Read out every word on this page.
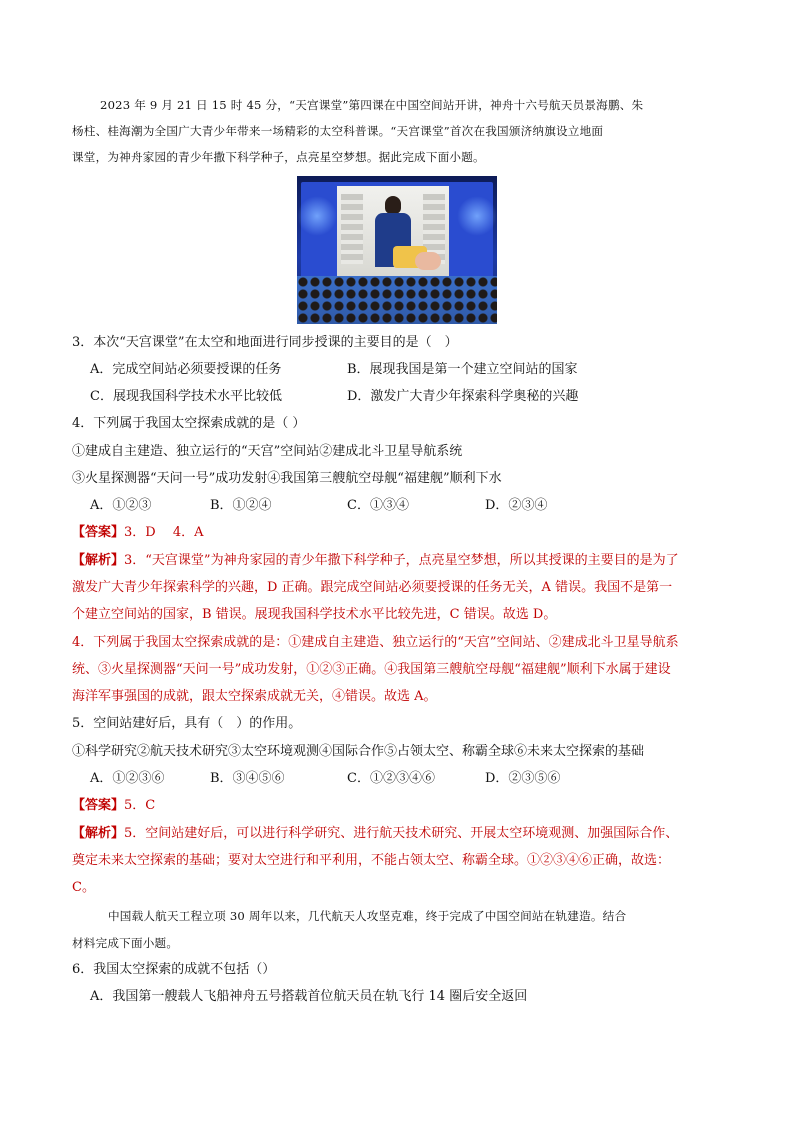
2023 年 9 月 21 日 15 时 45 分，“天宫课堂”第四课在中国空间站开讲，神舟十六号航天员景海鹏、朱
杨柱、桂海潮为全国广大青少年带来一场精彩的太空科普课。“天宫课堂”首次在我国颁济纳旗设立地面
课堂，为神舟家园的青少年撒下科学种子，点亮星空梦想。据此完成下面小题。
3．本次“天宫课堂”在太空和地面进行同步授课的主要目的是（　）
A．完成空间站必须要授课的任务	B．展现我国是第一个建立空间站的国家
C．展现我国科学技术水平比较低	D．激发广大青少年探索科学奥秘的兴趣
4．下列属于我国太空探索成就的是（ ）
①建成自主建造、独立运行的“天宫”空间站②建成北斗卫星导航系统
③火星探测器“天问一号”成功发射④我国第三艘航空母舰“福建舰”顺利下水
A．①②③	B．①②④	C．①③④	D．②③④
【答案】3．D　 4．A
【解析】3．“天宫课堂”为神舟家园的青少年撒下科学种子，点亮星空梦想，所以其授课的主要目的是为了
激发广大青少年探索科学的兴趣，D 正确。跟完成空间站必须要授课的任务无关，A 错误。我国不是第一
个建立空间站的国家，B 错误。展现我国科学技术水平比较先进，C 错误。故选 D。
4．下列属于我国太空探索成就的是：①建成自主建造、独立运行的“天宫”空间站、②建成北斗卫星导航系
统、③火星探测器“天问一号”成功发射，①②③正确。④我国第三艘航空母舰“福建舰”顺利下水属于建设
海洋军事强国的成就，跟太空探索成就无关，④错误。故选 A。
5．空间站建好后，具有（　）的作用。
①科学研究②航天技术研究③太空环境观测④国际合作⑤占领太空、称霸全球⑥未来太空探索的基础
A．①②③⑥	B．③④⑤⑥	C．①②③④⑥	D．②③⑤⑥
【答案】5．C
【解析】5．空间站建好后，可以进行科学研究、进行航天技术研究、开展太空环境观测、加强国际合作、
奠定未来太空探索的基础；要对太空进行和平利用，不能占领太空、称霸全球。①②③④⑥正确，故选：
C。
中国载人航天工程立项 30 周年以来，几代航天人攻坚克难，终于完成了中国空间站在轨建造。结合
材料完成下面小题。
6．我国太空探索的成就不包括（）
A．我国第一艘载人飞船神舟五号搭载首位航天员在轨飞行 14 圈后安全返回
